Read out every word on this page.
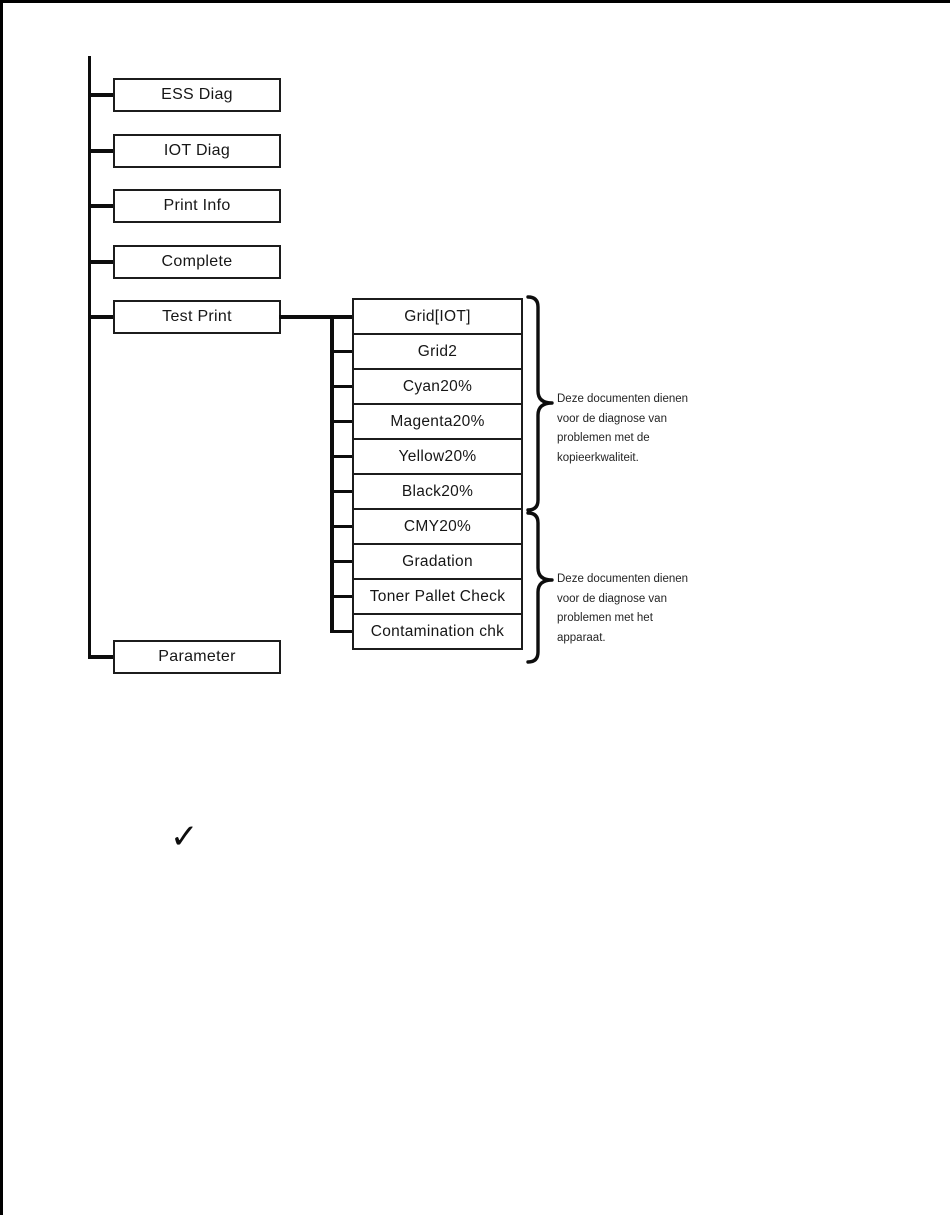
ESS Diag
IOT Diag
Print Info
Complete
Test Print
Parameter
Grid[IOT]
Grid2
Cyan20%
Magenta20%
Yellow20%
Black20%
CMY20%
Gradation
Toner Pallet Check
Contamination chk
Deze documenten dienen
voor de diagnose van
problemen met de
kopieerkwaliteit.
Deze documenten dienen
voor de diagnose van
problemen met het
apparaat.
✓
